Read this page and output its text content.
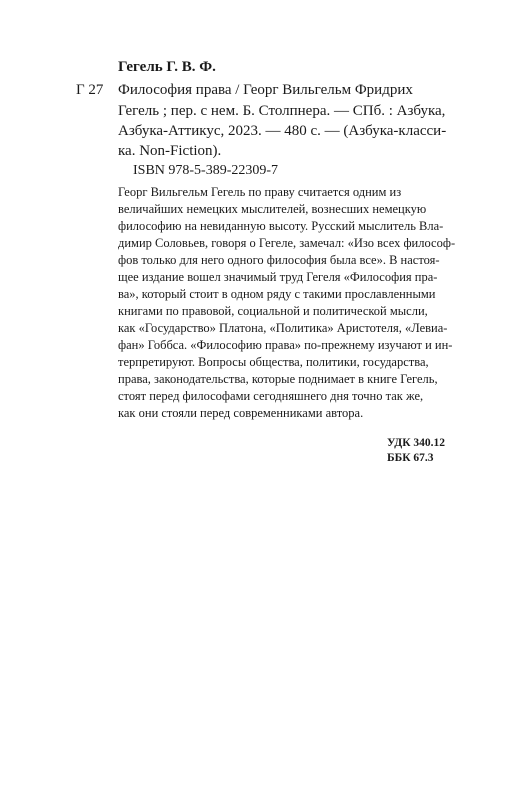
Гегель Г. В. Ф.
Г 27 Философия права / Георг Вильгельм Фридрих
Гегель ; пер. с нем. Б. Столпнера. — СПб. : Азбука,
Азбука-Аттикус, 2023. — 480 с. — (Азбука-класси-
ка. Non-Fiction).
ISBN 978-5-389-22309-7
Георг Вильгельм Гегель по праву считается одним из
величайших немецких мыслителей, вознесших немецкую
философию на невиданную высоту. Русский мыслитель Вла-
димир Соловьев, говоря о Гегеле, замечал: «Изо всех философ-
фов только для него одного философия была все». В настоя-
щее издание вошел значимый труд Гегеля «Философия пра-
ва», который стоит в одном ряду с такими прославленными
книгами по правовой, социальной и политической мысли,
как «Государство» Платона, «Политика» Аристотеля, «Левиа-
фан» Гоббса. «Философию права» по-прежнему изучают и ин-
терпретируют. Вопросы общества, политики, государства,
права, законодательства, которые поднимает в книге Гегель,
стоят перед философами сегодняшнего дня точно так же,
как они стояли перед современниками автора.
УДК 340.12
ББК 67.3
